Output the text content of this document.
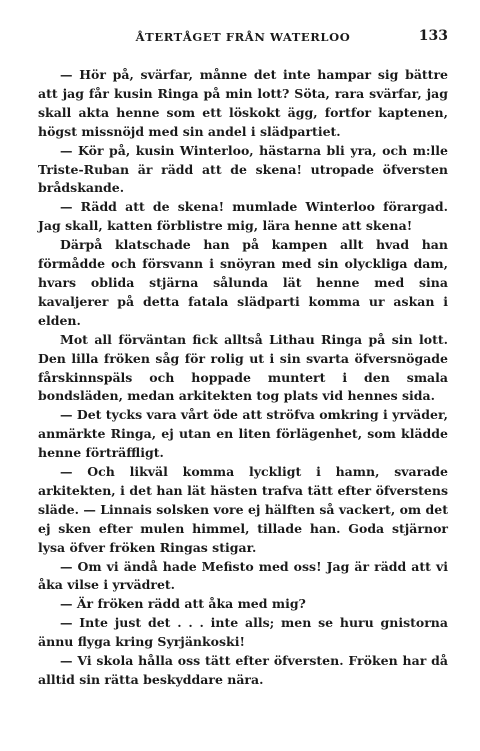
ÅTERTÅGET FRÅN WATERLOO	133

— Hör på, svärfar, månne det inte hampar sig bättre att jag får kusin Ringa på min lott? Söta, rara svärfar, jag skall akta henne som ett löskokt ägg, fortfor kaptenen, högst missnöjd med sin andel i slädpartiet.

— Kör på, kusin Winterloo, hästarna bli yra, och m:lle Triste-Ruban är rädd att de skena! utropade öfversten brådskande.

— Rädd att de skena! mumlade Winterloo förargad. Jag skall, katten förblistre mig, lära henne att skena!

Därpå klatschade han på kampen allt hvad han förmådde och försvann i snöyran med sin olyckliga dam, hvars oblida stjärna sålunda lät henne med sina kavaljerer på detta fatala slädparti komma ur askan i elden.

Mot all förväntan fick alltså Lithau Ringa på sin lott. Den lilla fröken såg för rolig ut i sin svarta öfversnögade fårskinnspäls och hoppade muntert i den smala bondsläden, medan arkitekten tog plats vid hennes sida.

— Det tycks vara vårt öde att ströfva omkring i yrväder, anmärkte Ringa, ej utan en liten förlägenhet, som klädde henne förträffligt.

— Och likväl komma lyckligt i hamn, svarade arkitekten, i det han lät hästen trafva tätt efter öfverstens släde. — Linnais solsken vore ej hälften så vackert, om det ej sken efter mulen himmel, tillade han. Goda stjärnor lysa öfver fröken Ringas stigar.

— Om vi ändå hade Mefisto med oss! Jag är rädd att vi åka vilse i yrvädret.

— Är fröken rädd att åka med mig?

— Inte just det . . . inte alls; men se huru gnistorna ännu flyga kring Syrjänkoski!

— Vi skola hålla oss tätt efter öfversten. Fröken har då alltid sin rätta beskyddare nära.
